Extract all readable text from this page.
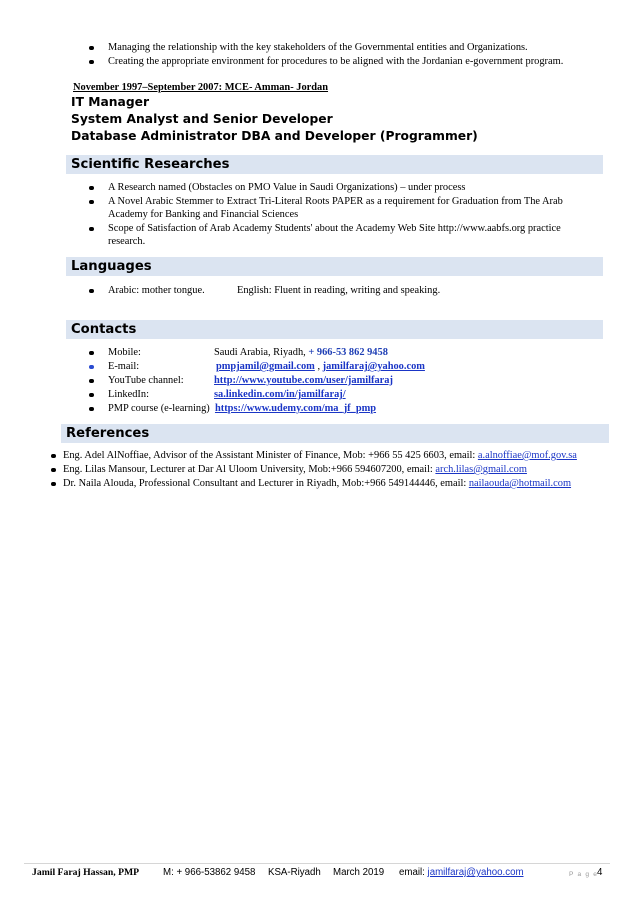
Managing the relationship with the key stakeholders of the Governmental entities and Organizations.
Creating the appropriate environment for procedures to be aligned with the Jordanian e-government program.
November 1997–September 2007: MCE- Amman- Jordan
IT Manager
System Analyst and Senior Developer
Database Administrator DBA and Developer (Programmer)
Scientific Researches
A Research named (Obstacles on PMO Value in Saudi Organizations) – under process
A Novel Arabic Stemmer to Extract Tri-Literal Roots PAPER as a requirement for Graduation from The Arab Academy for Banking and Financial Sciences
Scope of Satisfaction of Arab Academy Students' about the Academy Web Site http://www.aabfs.org practice research.
Languages
Arabic: mother tongue.	English: Fluent in reading, writing and speaking.
Contacts
Mobile:	Saudi Arabia, Riyadh, + 966-53 862 9458
E-mail:	pmpjamil@gmail.com , jamilfaraj@yahoo.com
YouTube channel:	http://www.youtube.com/user/jamilfaraj
LinkedIn:	sa.linkedin.com/in/jamilfaraj/
PMP course (e-learning) https://www.udemy.com/ma_jf_pmp
References
Eng. Adel AlNoffiae, Advisor of the Assistant Minister of Finance, Mob: +966 55 425 6603, email: a.alnoffiae@mof.gov.sa
Eng. Lilas Mansour, Lecturer at Dar Al Uloom University, Mob:+966 594607200, email: arch.lilas@gmail.com
Dr. Naila Alouda, Professional Consultant and Lecturer in Riyadh, Mob:+966 549144446, email: nailaouda@hotmail.com
Jamil Faraj Hassan, PMP M: + 966-53862 9458 KSA-Riyadh March 2019 email: jamilfaraj@yahoo.com	P a g e
4
